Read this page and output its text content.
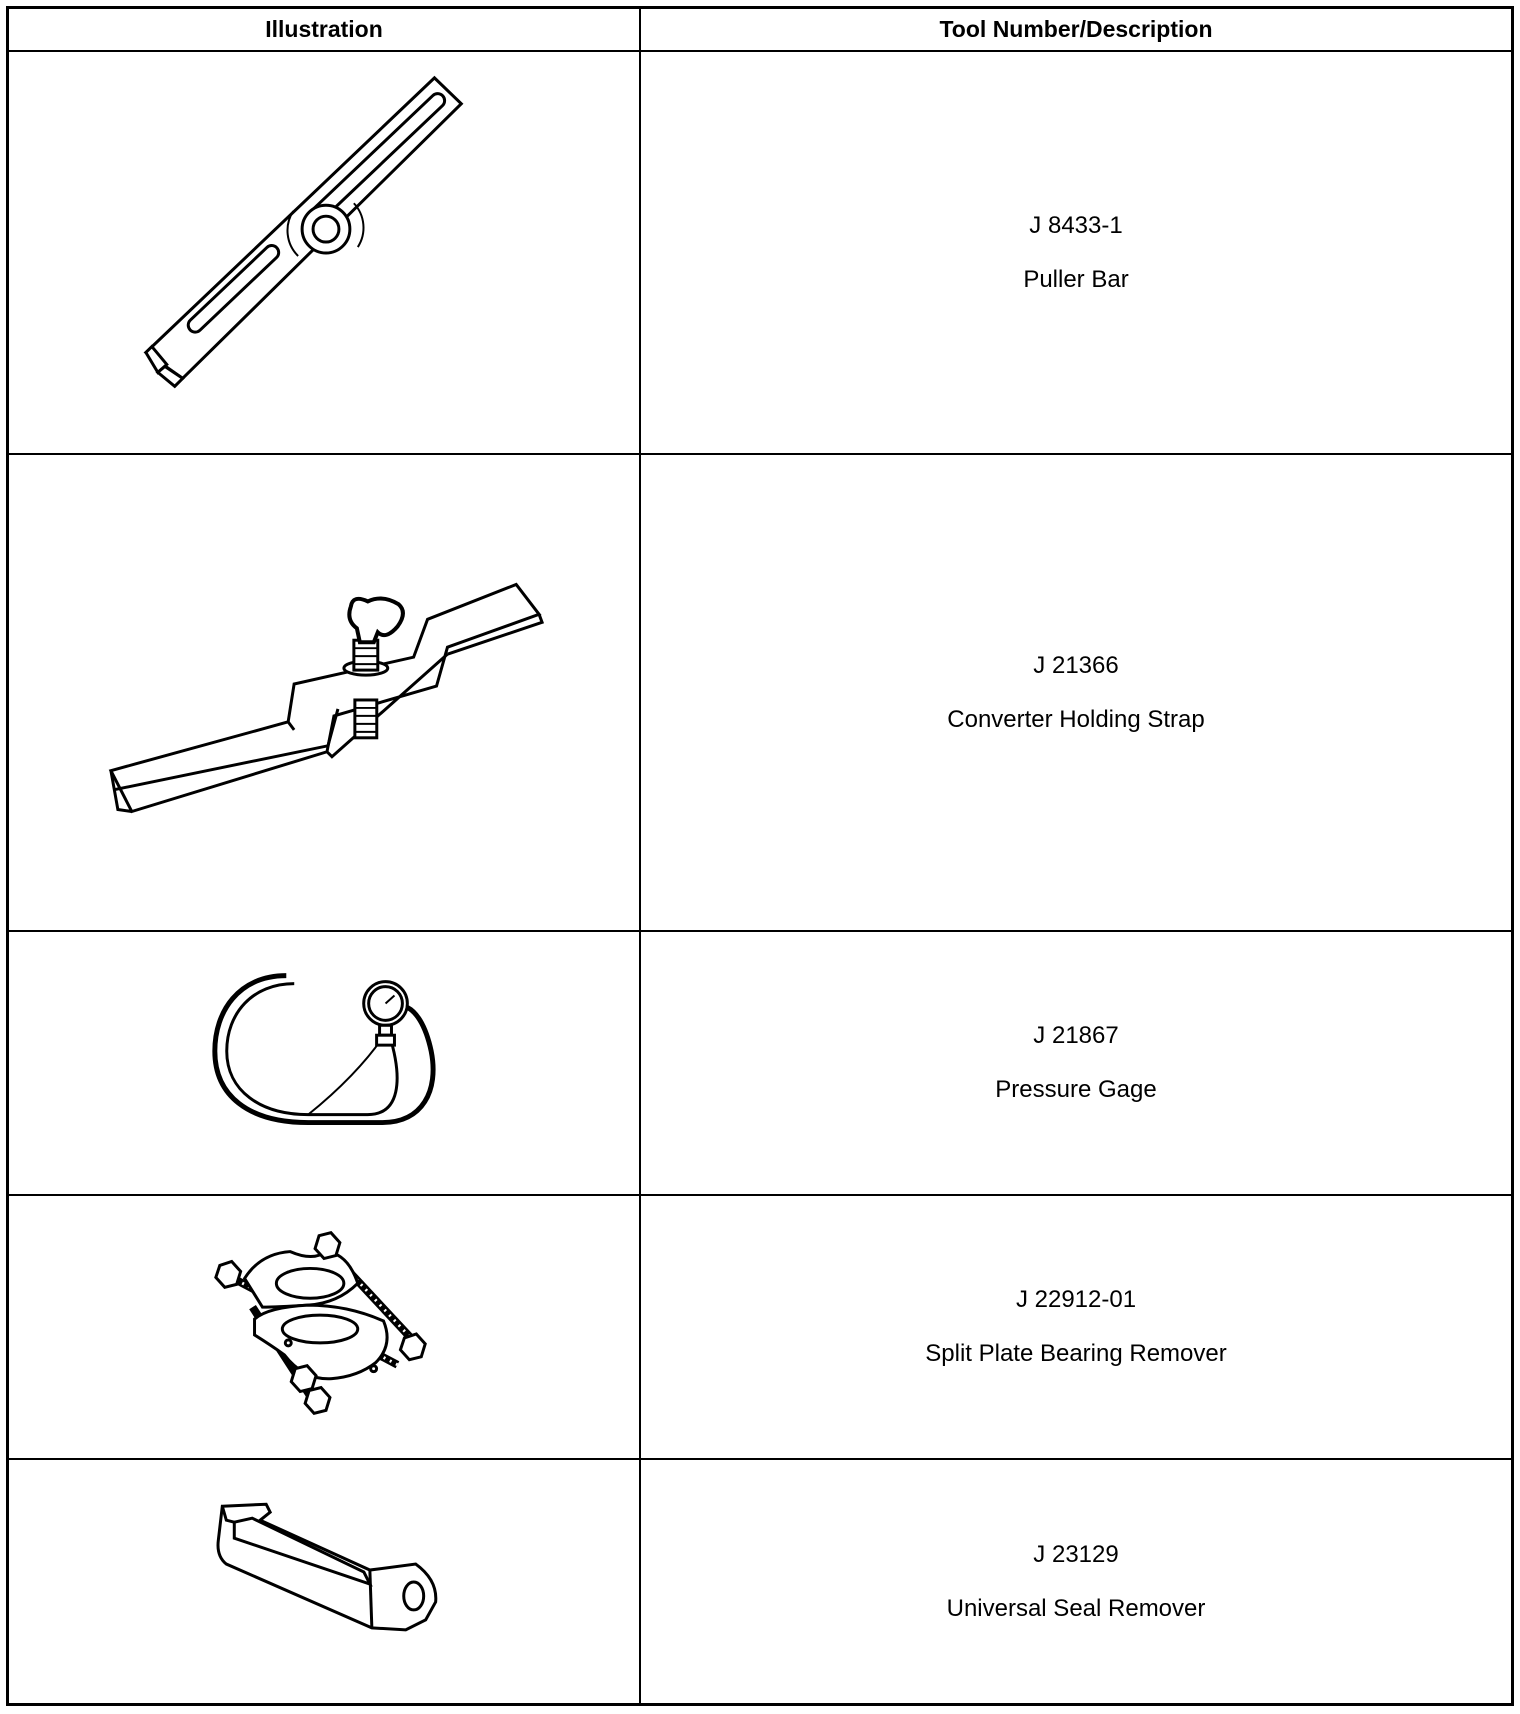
Illustration	Tool Number/Description
J 8433-1
Puller Bar
J 21366
Converter Holding Strap
J 21867
Pressure Gage
J 22912-01
Split Plate Bearing Remover
J 23129
Universal Seal Remover
